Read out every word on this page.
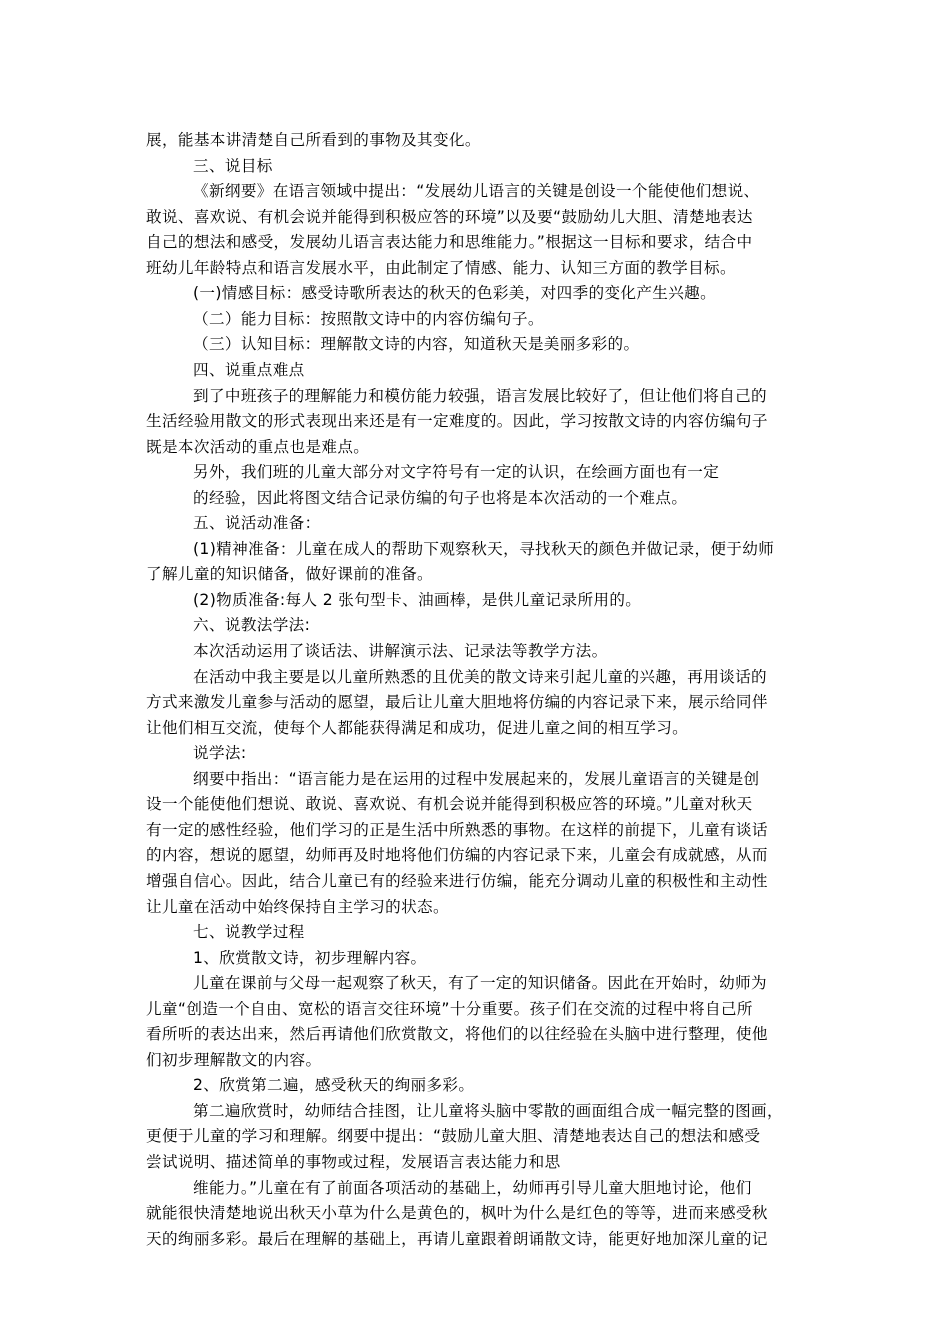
展，能基本讲清楚自己所看到的事物及其变化。
三、说目标
《新纲要》在语言领域中提出：“发展幼儿语言的关键是创设一个能使他们想说、
敢说、喜欢说、有机会说并能得到积极应答的环境”以及要“鼓励幼儿大胆、清楚地表达
自己的想法和感受，发展幼儿语言表达能力和思维能力。”根据这一目标和要求，结合中
班幼儿年龄特点和语言发展水平，由此制定了情感、能力、认知三方面的教学目标。
(一)情感目标：感受诗歌所表达的秋天的色彩美，对四季的变化产生兴趣。
（二）能力目标：按照散文诗中的内容仿编句子。
（三）认知目标：理解散文诗的内容，知道秋天是美丽多彩的。
四、说重点难点
到了中班孩子的理解能力和模仿能力较强，语言发展比较好了，但让他们将自己的
生活经验用散文的形式表现出来还是有一定难度的。因此，学习按散文诗的内容仿编句子
既是本次活动的重点也是难点。
另外，我们班的儿童大部分对文字符号有一定的认识，在绘画方面也有一定
的经验，因此将图文结合记录仿编的句子也将是本次活动的一个难点。
五、说活动准备：
(1)精神准备：儿童在成人的帮助下观察秋天，寻找秋天的颜色并做记录，便于幼师
了解儿童的知识储备，做好课前的准备。
(2)物质准备:每人 2 张句型卡、油画棒，是供儿童记录所用的。
六、说教法学法:
本次活动运用了谈话法、讲解演示法、记录法等教学方法。
在活动中我主要是以儿童所熟悉的且优美的散文诗来引起儿童的兴趣，再用谈话的
方式来激发儿童参与活动的愿望，最后让儿童大胆地将仿编的内容记录下来，展示给同伴
让他们相互交流，使每个人都能获得满足和成功，促进儿童之间的相互学习。
说学法:
纲要中指出：“语言能力是在运用的过程中发展起来的，发展儿童语言的关键是创
设一个能使他们想说、敢说、喜欢说、有机会说并能得到积极应答的环境。”儿童对秋天
有一定的感性经验，他们学习的正是生活中所熟悉的事物。在这样的前提下，儿童有谈话
的内容，想说的愿望，幼师再及时地将他们仿编的内容记录下来，儿童会有成就感，从而
增强自信心。因此，结合儿童已有的经验来进行仿编，能充分调动儿童的积极性和主动性
让儿童在活动中始终保持自主学习的状态。
七、说教学过程
1、欣赏散文诗，初步理解内容。
儿童在课前与父母一起观察了秋天，有了一定的知识储备。因此在开始时，幼师为
儿童“创造一个自由、宽松的语言交往环境”十分重要。孩子们在交流的过程中将自己所
看所听的表达出来，然后再请他们欣赏散文，将他们的以往经验在头脑中进行整理，使他
们初步理解散文的内容。
2、欣赏第二遍，感受秋天的绚丽多彩。
第二遍欣赏时，幼师结合挂图，让儿童将头脑中零散的画面组合成一幅完整的图画，
更便于儿童的学习和理解。纲要中提出：“鼓励儿童大胆、清楚地表达自己的想法和感受
尝试说明、描述简单的事物或过程，发展语言表达能力和思
维能力。”儿童在有了前面各项活动的基础上，幼师再引导儿童大胆地讨论，他们
就能很快清楚地说出秋天小草为什么是黄色的，枫叶为什么是红色的等等，进而来感受秋
天的绚丽多彩。最后在理解的基础上，再请儿童跟着朗诵散文诗，能更好地加深儿童的记
